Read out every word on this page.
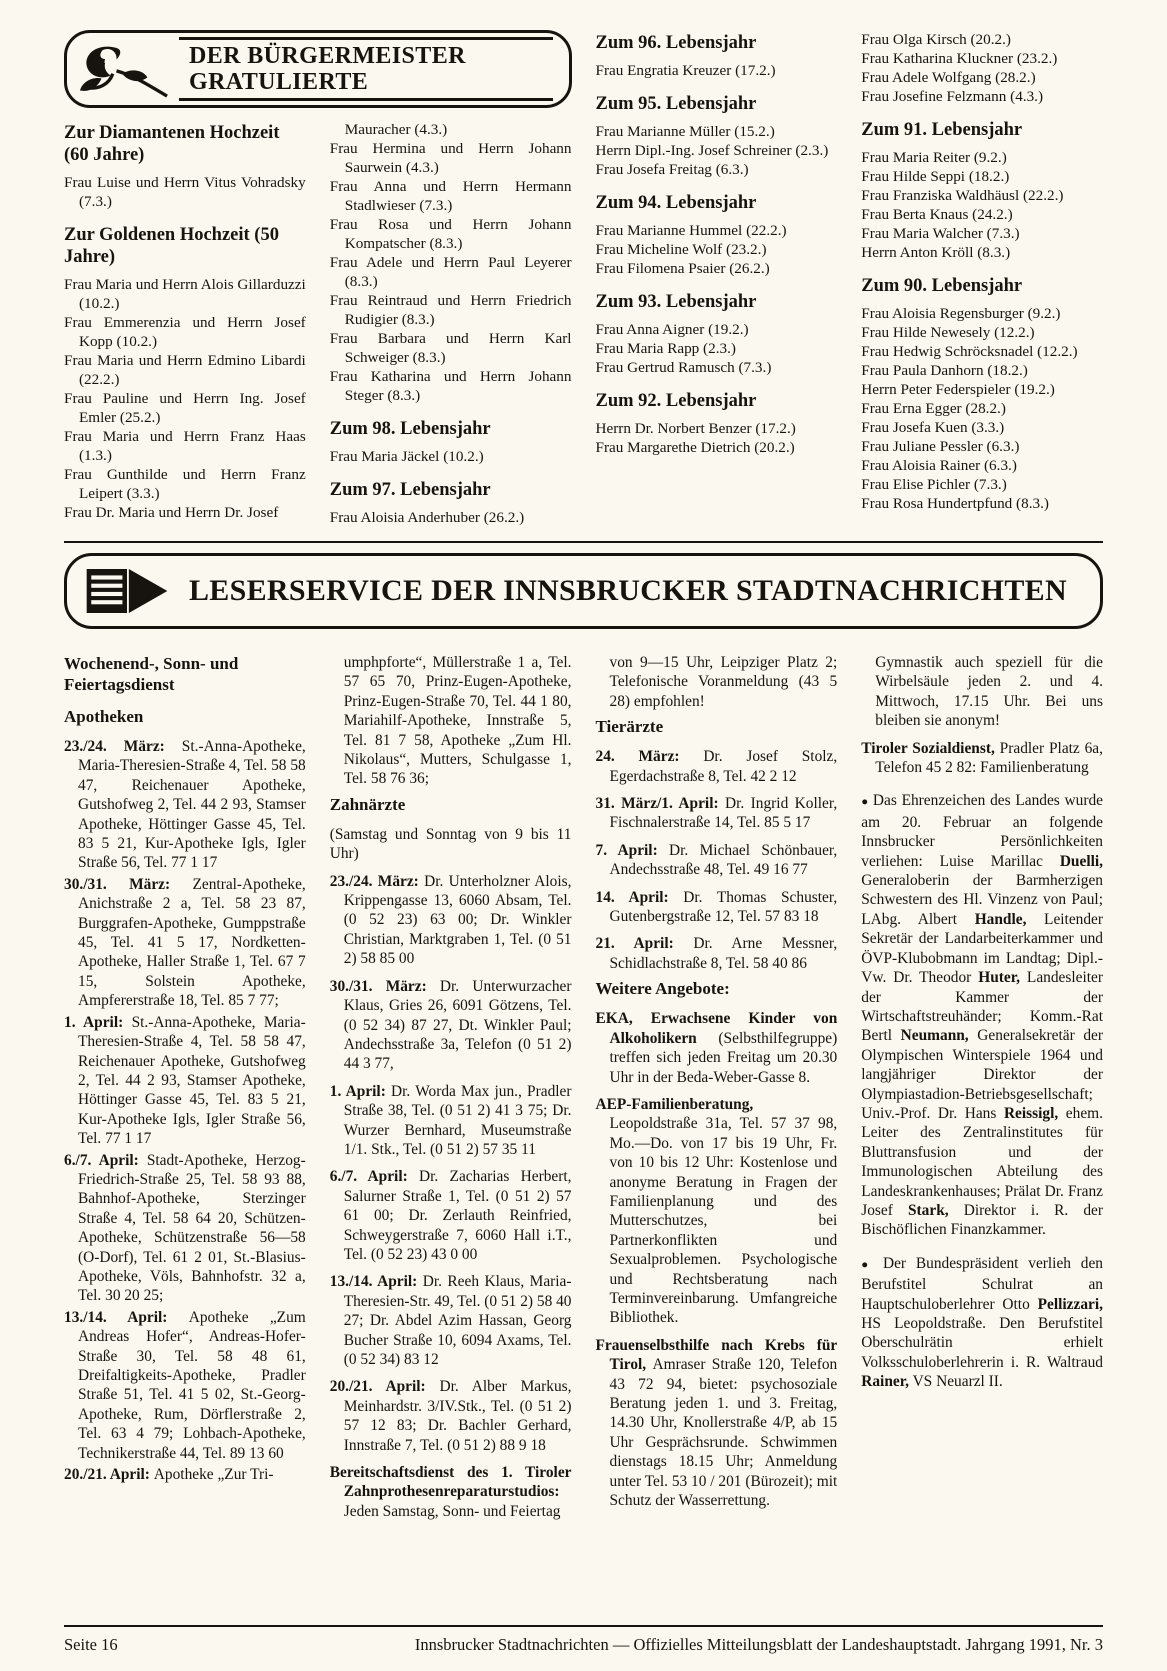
DER BÜRGERMEISTER
GRATULIERTE
Zur Diamantenen Hochzeit (60 Jahre)
Frau Luise und Herrn Vitus Vohradsky (7.3.)
Zur Goldenen Hochzeit (50 Jahre)
Frau Maria und Herrn Alois Gillarduzzi (10.2.)
Frau Emmerenzia und Herrn Josef Kopp (10.2.)
Frau Maria und Herrn Edmino Libardi (22.2.)
Frau Pauline und Herrn Ing. Josef Emler (25.2.)
Frau Maria und Herrn Franz Haas (1.3.)
Frau Gunthilde und Herrn Franz Leipert (3.3.)
Frau Dr. Maria und Herrn Dr. Josef
Mauracher (4.3.)
Frau Hermina und Herrn Johann Saurwein (4.3.)
Frau Anna und Herrn Hermann Stadlwieser (7.3.)
Frau Rosa und Herrn Johann Kompatscher (8.3.)
Frau Adele und Herrn Paul Leyerer (8.3.)
Frau Reintraud und Herrn Friedrich Rudigier (8.3.)
Frau Barbara und Herrn Karl Schweiger (8.3.)
Frau Katharina und Herrn Johann Steger (8.3.)
Zum 98. Lebensjahr
Frau Maria Jäckel (10.2.)
Zum 97. Lebensjahr
Frau Aloisia Anderhuber (26.2.)
Zum 96. Lebensjahr
Frau Engratia Kreuzer (17.2.)
Zum 95. Lebensjahr
Frau Marianne Müller (15.2.)
Herrn Dipl.-Ing. Josef Schreiner (2.3.)
Frau Josefa Freitag (6.3.)
Zum 94. Lebensjahr
Frau Marianne Hummel (22.2.)
Frau Micheline Wolf (23.2.)
Frau Filomena Psaier (26.2.)
Zum 93. Lebensjahr
Frau Anna Aigner (19.2.)
Frau Maria Rapp (2.3.)
Frau Gertrud Ramusch (7.3.)
Zum 92. Lebensjahr
Herrn Dr. Norbert Benzer (17.2.)
Frau Margarethe Dietrich (20.2.)
Frau Olga Kirsch (20.2.)
Frau Katharina Kluckner (23.2.)
Frau Adele Wolfgang (28.2.)
Frau Josefine Felzmann (4.3.)
Zum 91. Lebensjahr
Frau Maria Reiter (9.2.)
Frau Hilde Seppi (18.2.)
Frau Franziska Waldhäusl (22.2.)
Frau Berta Knaus (24.2.)
Frau Maria Walcher (7.3.)
Herrn Anton Kröll (8.3.)
Zum 90. Lebensjahr
Frau Aloisia Regensburger (9.2.)
Frau Hilde Newesely (12.2.)
Frau Hedwig Schröcksnadel (12.2.)
Frau Paula Danhorn (18.2.)
Herrn Peter Federspieler (19.2.)
Frau Erna Egger (28.2.)
Frau Josefa Kuen (3.3.)
Frau Juliane Pessler (6.3.)
Frau Aloisia Rainer (6.3.)
Frau Elise Pichler (7.3.)
Frau Rosa Hundertpfund (8.3.)
LESERSERVICE DER INNSBRUCKER STADTNACHRICHTEN
Wochenend-, Sonn- und Feiertagsdienst
Apotheken
23./24. März: St.-Anna-Apotheke, Maria-Theresien-Straße 4, Tel. 58 58 47, Reichenauer Apotheke, Gutshofweg 2, Tel. 44 2 93, Stamser Apotheke, Höttinger Gasse 45, Tel. 83 5 21, Kur-Apotheke Igls, Igler Straße 56, Tel. 77 1 17
30./31. März: Zentral-Apotheke, Anichstraße 2 a, Tel. 58 23 87, Burggrafen-Apotheke, Gumppstraße 45, Tel. 41 5 17, Nordketten-Apotheke, Haller Straße 1, Tel. 67 7 15, Solstein Apotheke, Ampfererstraße 18, Tel. 85 7 77;
1. April: St.-Anna-Apotheke, Maria-Theresien-Straße 4, Tel. 58 58 47, Reichenauer Apotheke, Gutshofweg 2, Tel. 44 2 93, Stamser Apotheke, Höttinger Gasse 45, Tel. 83 5 21, Kur-Apotheke Igls, Igler Straße 56, Tel. 77 1 17
6./7. April: Stadt-Apotheke, Herzog-Friedrich-Straße 25, Tel. 58 93 88, Bahnhof-Apotheke, Sterzinger Straße 4, Tel. 58 64 20, Schützen-Apotheke, Schützenstraße 56—58 (O-Dorf), Tel. 61 2 01, St.-Blasius-Apotheke, Völs, Bahnhofstr. 32 a, Tel. 30 20 25;
13./14. April: Apotheke „Zum Andreas Hofer“, Andreas-Hofer-Straße 30, Tel. 58 48 61, Dreifaltigkeits-Apotheke, Pradler Straße 51, Tel. 41 5 02, St.-Georg-Apotheke, Rum, Dörflerstraße 2, Tel. 63 4 79; Lohbach-Apotheke, Technikerstraße 44, Tel. 89 13 60
20./21. April: Apotheke „Zur Tri-
umphpforte“, Müllerstraße 1 a, Tel. 57 65 70, Prinz-Eugen-Apotheke, Prinz-Eugen-Straße 70, Tel. 44 1 80, Mariahilf-Apotheke, Innstraße 5, Tel. 81 7 58, Apotheke „Zum Hl. Nikolaus“, Mutters, Schulgasse 1, Tel. 58 76 36;
Zahnärzte
(Samstag und Sonntag von 9 bis 11 Uhr)
23./24. März: Dr. Unterholzner Alois, Krippengasse 13, 6060 Absam, Tel. (0 52 23) 63 00; Dr. Winkler Christian, Marktgraben 1, Tel. (0 51 2) 58 85 00
30./31. März: Dr. Unterwurzacher Klaus, Gries 26, 6091 Götzens, Tel. (0 52 34) 87 27, Dt. Winkler Paul; Andechsstraße 3a, Telefon (0 51 2) 44 3 77,
1. April: Dr. Worda Max jun., Pradler Straße 38, Tel. (0 51 2) 41 3 75; Dr. Wurzer Bernhard, Museumstraße 1/1. Stk., Tel. (0 51 2) 57 35 11
6./7. April: Dr. Zacharias Herbert, Salurner Straße 1, Tel. (0 51 2) 57 61 00; Dr. Zerlauth Reinfried, Schweygerstraße 7, 6060 Hall i.T., Tel. (0 52 23) 43 0 00
13./14. April: Dr. Reeh Klaus, Maria-Theresien-Str. 49, Tel. (0 51 2) 58 40 27; Dr. Abdel Azim Hassan, Georg Bucher Straße 10, 6094 Axams, Tel. (0 52 34) 83 12
20./21. April: Dr. Alber Markus, Meinhardstr. 3/IV.Stk., Tel. (0 51 2) 57 12 83; Dr. Bachler Gerhard, Innstraße 7, Tel. (0 51 2) 88 9 18
Bereitschaftsdienst des 1. Tiroler Zahnprothesenreparaturstudios: Jeden Samstag, Sonn- und Feiertag
von 9—15 Uhr, Leipziger Platz 2; Telefonische Voranmeldung (43 5 28) empfohlen!
Tierärzte
24. März: Dr. Josef Stolz, Egerdachstraße 8, Tel. 42 2 12
31. März/1. April: Dr. Ingrid Koller, Fischnalerstraße 14, Tel. 85 5 17
7. April: Dr. Michael Schönbauer, Andechsstraße 48, Tel. 49 16 77
14. April: Dr. Thomas Schuster, Gutenbergstraße 12, Tel. 57 83 18
21. April: Dr. Arne Messner, Schidlachstraße 8, Tel. 58 40 86
Weitere Angebote:
EKA, Erwachsene Kinder von Alkoholikern (Selbsthilfegruppe) treffen sich jeden Freitag um 20.30 Uhr in der Beda-Weber-Gasse 8.
AEP-Familienberatung, Leopoldstraße 31a, Tel. 57 37 98, Mo.—Do. von 17 bis 19 Uhr, Fr. von 10 bis 12 Uhr: Kostenlose und anonyme Beratung in Fragen der Familienplanung und des Mutterschutzes, bei Partnerkonflikten und Sexualproblemen. Psychologische und Rechtsberatung nach Terminvereinbarung. Umfangreiche Bibliothek.
Frauenselbsthilfe nach Krebs für Tirol, Amraser Straße 120, Telefon 43 72 94, bietet: psychosoziale Beratung jeden 1. und 3. Freitag, 14.30 Uhr, Knollerstraße 4/P, ab 15 Uhr Gesprächsrunde. Schwimmen dienstags 18.15 Uhr; Anmeldung unter Tel. 53 10 / 201 (Bürozeit); mit Schutz der Wasserrettung.
Gymnastik auch speziell für die Wirbelsäule jeden 2. und 4. Mittwoch, 17.15 Uhr. Bei uns bleiben sie anonym!
Tiroler Sozialdienst, Pradler Platz 6a, Telefon 45 2 82: Familienberatung
● Das Ehrenzeichen des Landes wurde am 20. Februar an folgende Innsbrucker Persönlichkeiten verliehen: Luise Marillac Duelli, Generaloberin der Barmherzigen Schwestern des Hl. Vinzenz von Paul; LAbg. Albert Handle, Leitender Sekretär der Landarbeiterkammer und ÖVP-Klubobmann im Landtag; Dipl.-Vw. Dr. Theodor Huter, Landesleiter der Kammer der Wirtschaftstreuhänder; Komm.-Rat Bertl Neumann, Generalsekretär der Olympischen Winterspiele 1964 und langjähriger Direktor der Olympiastadion-Betriebsgesellschaft; Univ.-Prof. Dr. Hans Reissigl, ehem. Leiter des Zentralinstitutes für Bluttransfusion und der Immunologischen Abteilung des Landeskrankenhauses; Prälat Dr. Franz Josef Stark, Direktor i. R. der Bischöflichen Finanzkammer.
● Der Bundespräsident verlieh den Berufstitel Schulrat an Hauptschuloberlehrer Otto Pellizzari, HS Leopoldstraße. Den Berufstitel Oberschulrätin erhielt Volksschuloberlehrerin i. R. Waltraud Rainer, VS Neuarzl II.
Seite 16	Innsbrucker Stadtnachrichten — Offizielles Mitteilungsblatt der Landeshauptstadt. Jahrgang 1991, Nr. 3
